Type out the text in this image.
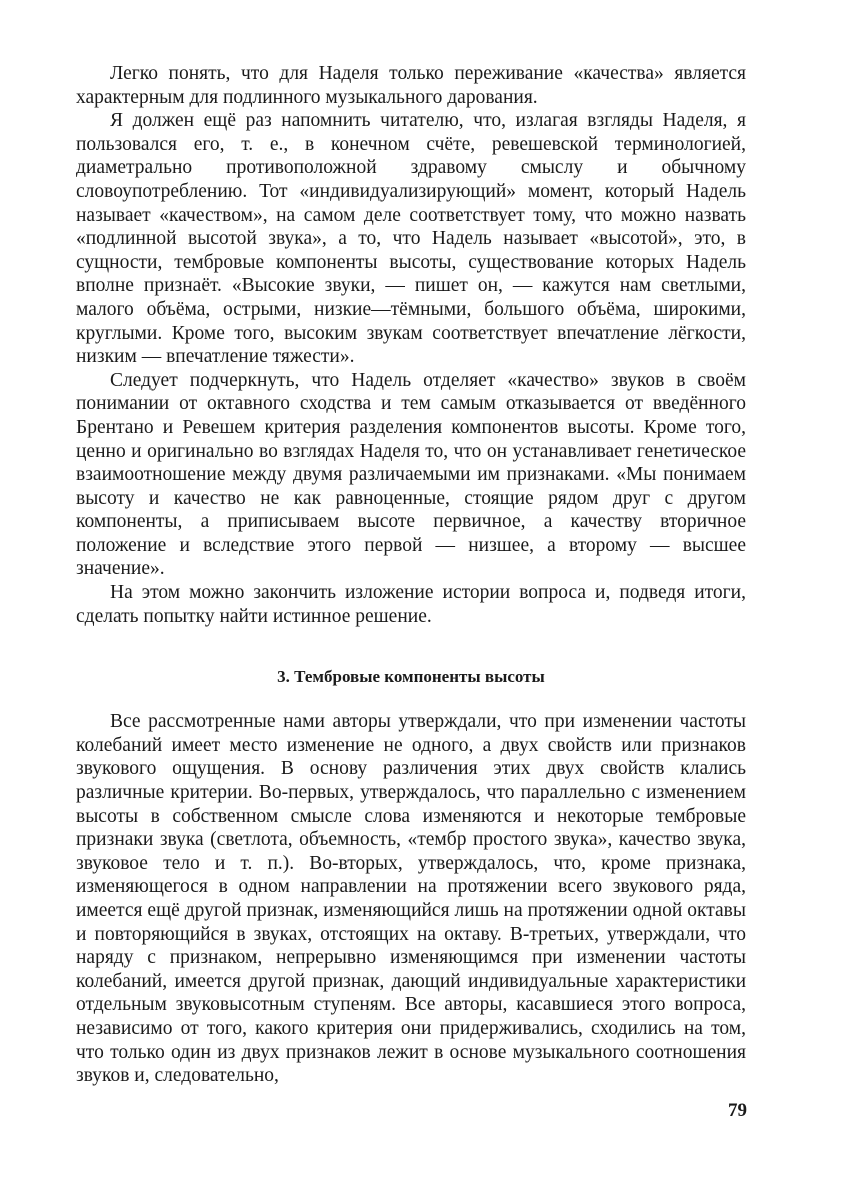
Легко понять, что для Наделя только переживание «качества» является характерным для подлинного музыкального дарования.

Я должен ещё раз напомнить читателю, что, излагая взгляды Наделя, я пользовался его, т. е., в конечном счёте, ревешевской терминологией, диаметрально противоположной здравому смыслу и обычному словоупотреблению. Тот «индивидуализирующий» момент, который Надель называет «качеством», на самом деле соответствует тому, что можно назвать «подлинной высотой звука», а то, что Надель называет «высотой», это, в сущности, тембровые компоненты высоты, существование которых Надель вполне признаёт. «Высокие звуки, — пишет он, — кажутся нам светлыми, малого объёма, острыми, низкие—тёмными, большого объёма, широкими, круглыми. Кроме того, высоким звукам соответствует впечатление лёгкости, низким — впечатление тяжести».

Следует подчеркнуть, что Надель отделяет «качество» звуков в своём понимании от октавного сходства и тем самым отказывается от введённого Брентано и Ревешем критерия разделения компонентов высоты. Кроме того, ценно и оригинально во взглядах Наделя то, что он устанавливает генетическое взаимоотношение между двумя различаемыми им признаками. «Мы понимаем высоту и качество не как равноценные, стоящие рядом друг с другом компоненты, а приписываем высоте первичное, а качеству вторичное положение и вследствие этого первой — низшее, а второму — высшее значение».

На этом можно закончить изложение истории вопроса и, подведя итоги, сделать попытку найти истинное решение.

3. Тембровые компоненты высоты

Все рассмотренные нами авторы утверждали, что при изменении частоты колебаний имеет место изменение не одного, а двух свойств или признаков звукового ощущения. В основу различения этих двух свойств клались различные критерии. Во-первых, утверждалось, что параллельно с изменением высоты в собственном смысле слова изменяются и некоторые тембровые признаки звука (светлота, объемность, «тембр простого звука», качество звука, звуковое тело и т. п.). Во-вторых, утверждалось, что, кроме признака, изменяющегося в одном направлении на протяжении всего звукового ряда, имеется ещё другой признак, изменяющийся лишь на протяжении одной октавы и повторяющийся в звуках, отстоящих на октаву. В-третьих, утверждали, что наряду с признаком, непрерывно изменяющимся при изменении частоты колебаний, имеется другой признак, дающий индивидуальные характеристики отдельным звуковысотным ступеням. Все авторы, касавшиеся этого вопроса, независимо от того, какого критерия они придерживались, сходились на том, что только один из двух признаков лежит в основе музыкального соотношения звуков и, следовательно,

79
